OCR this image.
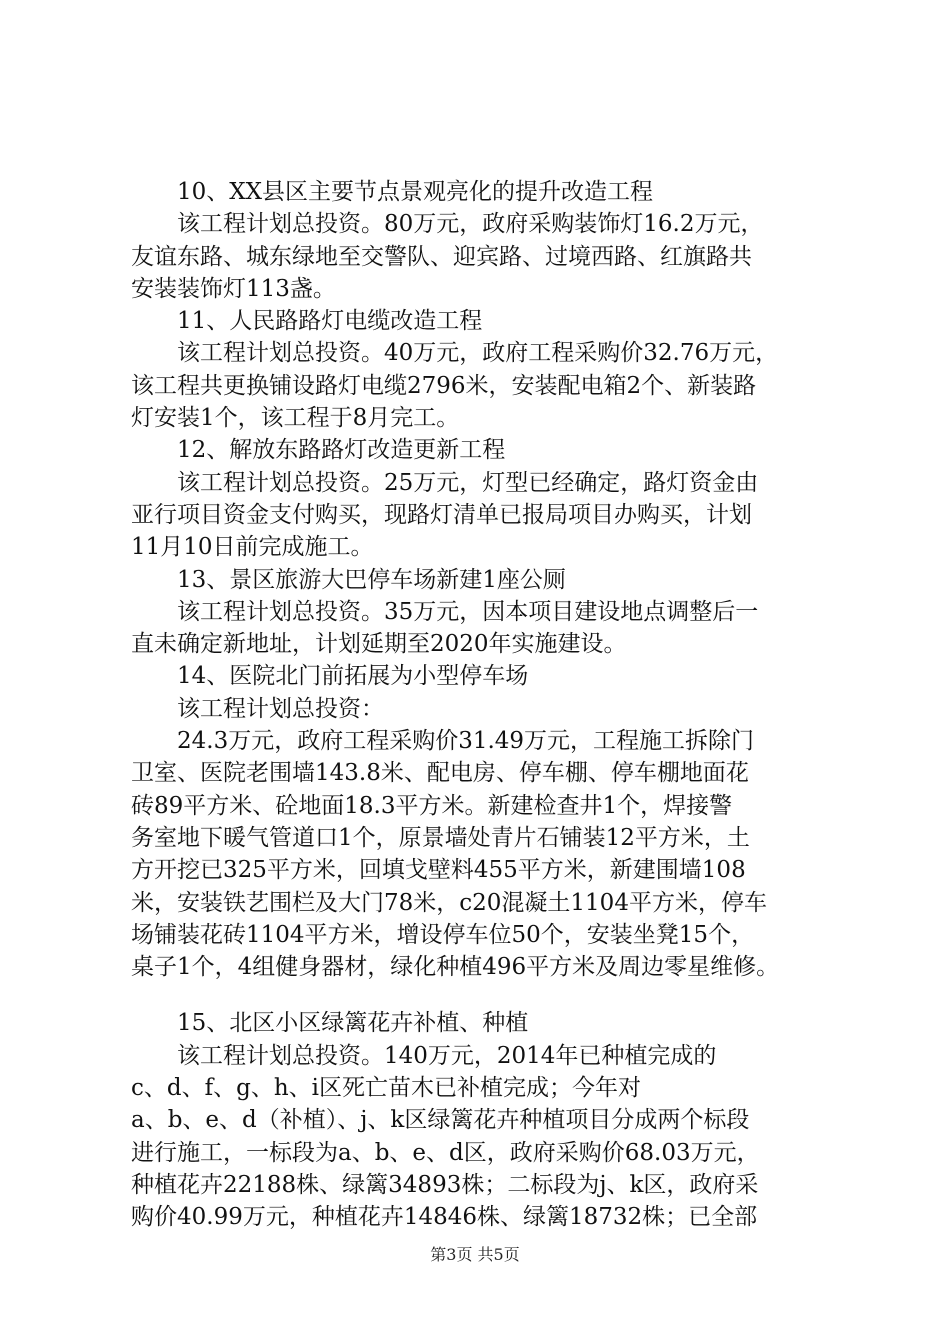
10、XX县区主要节点景观亮化的提升改造工程
该工程计划总投资。80万元，政府采购装饰灯16.2万元，
友谊东路、城东绿地至交警队、迎宾路、过境西路、红旗路共
安装装饰灯113盏。
11、人民路路灯电缆改造工程
该工程计划总投资。40万元，政府工程采购价32.76万元，
该工程共更换铺设路灯电缆2796米，安装配电箱2个、新装路
灯安装1个，该工程于8月完工。
12、解放东路路灯改造更新工程
该工程计划总投资。25万元，灯型已经确定，路灯资金由
亚行项目资金支付购买，现路灯清单已报局项目办购买，计划
11月10日前完成施工。
13、景区旅游大巴停车场新建1座公厕
该工程计划总投资。35万元，因本项目建设地点调整后一
直未确定新地址，计划延期至2020年实施建设。
14、医院北门前拓展为小型停车场
该工程计划总投资：
24.3万元，政府工程采购价31.49万元，工程施工拆除门
卫室、医院老围墙143.8米、配电房、停车棚、停车棚地面花
砖89平方米、砼地面18.3平方米。新建检查井1个，焊接警
务室地下暖气管道口1个，原景墙处青片石铺装12平方米，土
方开挖已325平方米，回填戈壁料455平方米，新建围墙108
米，安装铁艺围栏及大门78米，c20混凝土1104平方米，停车
场铺装花砖1104平方米，增设停车位50个，安装坐凳15个，
桌子1个，4组健身器材，绿化种植496平方米及周边零星维修。
15、北区小区绿篱花卉补植、种植
该工程计划总投资。140万元，2014年已种植完成的
c、d、f、g、h、i区死亡苗木已补植完成；今年对
a、b、e、d（补植）、j、k区绿篱花卉种植项目分成两个标段
进行施工，一标段为a、b、e、d区，政府采购价68.03万元，
种植花卉22188株、绿篱34893株；二标段为j、k区，政府采
购价40.99万元，种植花卉14846株、绿篱18732株；已全部
第3页 共5页
